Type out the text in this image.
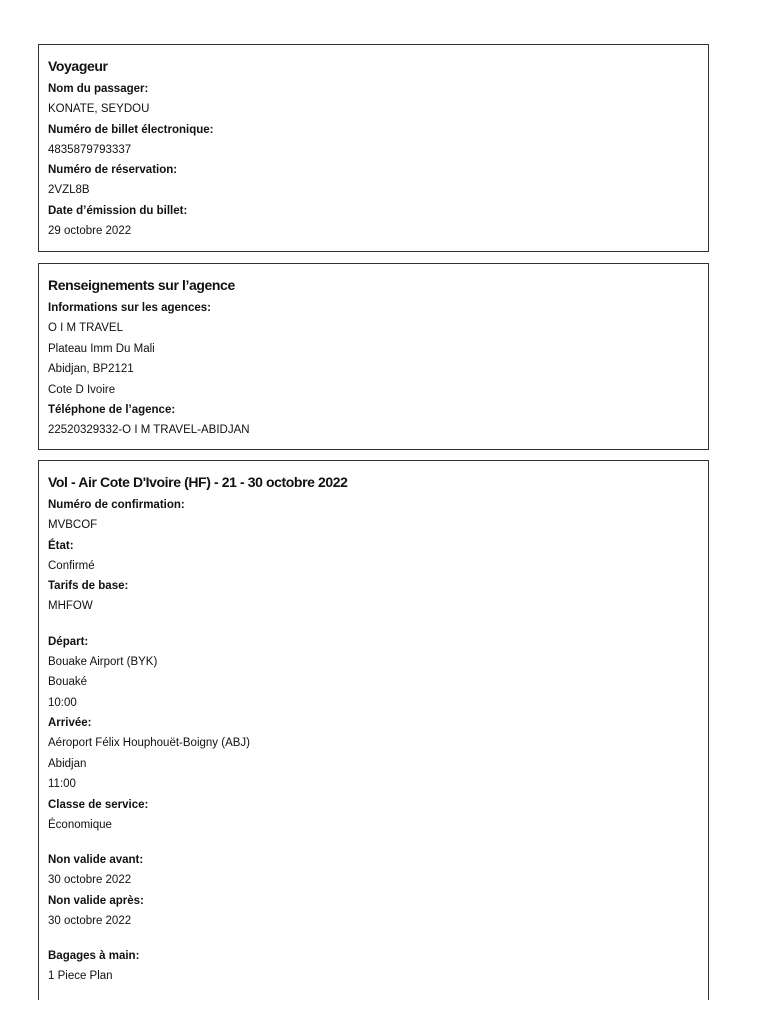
Voyageur
Nom du passager:
KONATE, SEYDOU
Numéro de billet électronique:
4835879793337
Numéro de réservation:
2VZL8B
Date d’émission du billet:
29 octobre 2022
Renseignements sur l’agence
Informations sur les agences:
O I M TRAVEL
Plateau Imm Du Mali
Abidjan, BP2121
Cote D Ivoire
Téléphone de l’agence:
22520329332-O I M TRAVEL-ABIDJAN
Vol - Air Cote D'Ivoire (HF) - 21 - 30 octobre 2022
Numéro de confirmation:
MVBCOF
État:
Confirmé
Tarifs de base:
MHFOW
Départ:
Bouake Airport (BYK)
Bouaké
10:00
Arrivée:
Aéroport Félix Houphouët-Boigny (ABJ)
Abidjan
11:00
Classe de service:
Économique
Non valide avant:
30 octobre 2022
Non valide après:
30 octobre 2022
Bagages à main:
1 Piece Plan
